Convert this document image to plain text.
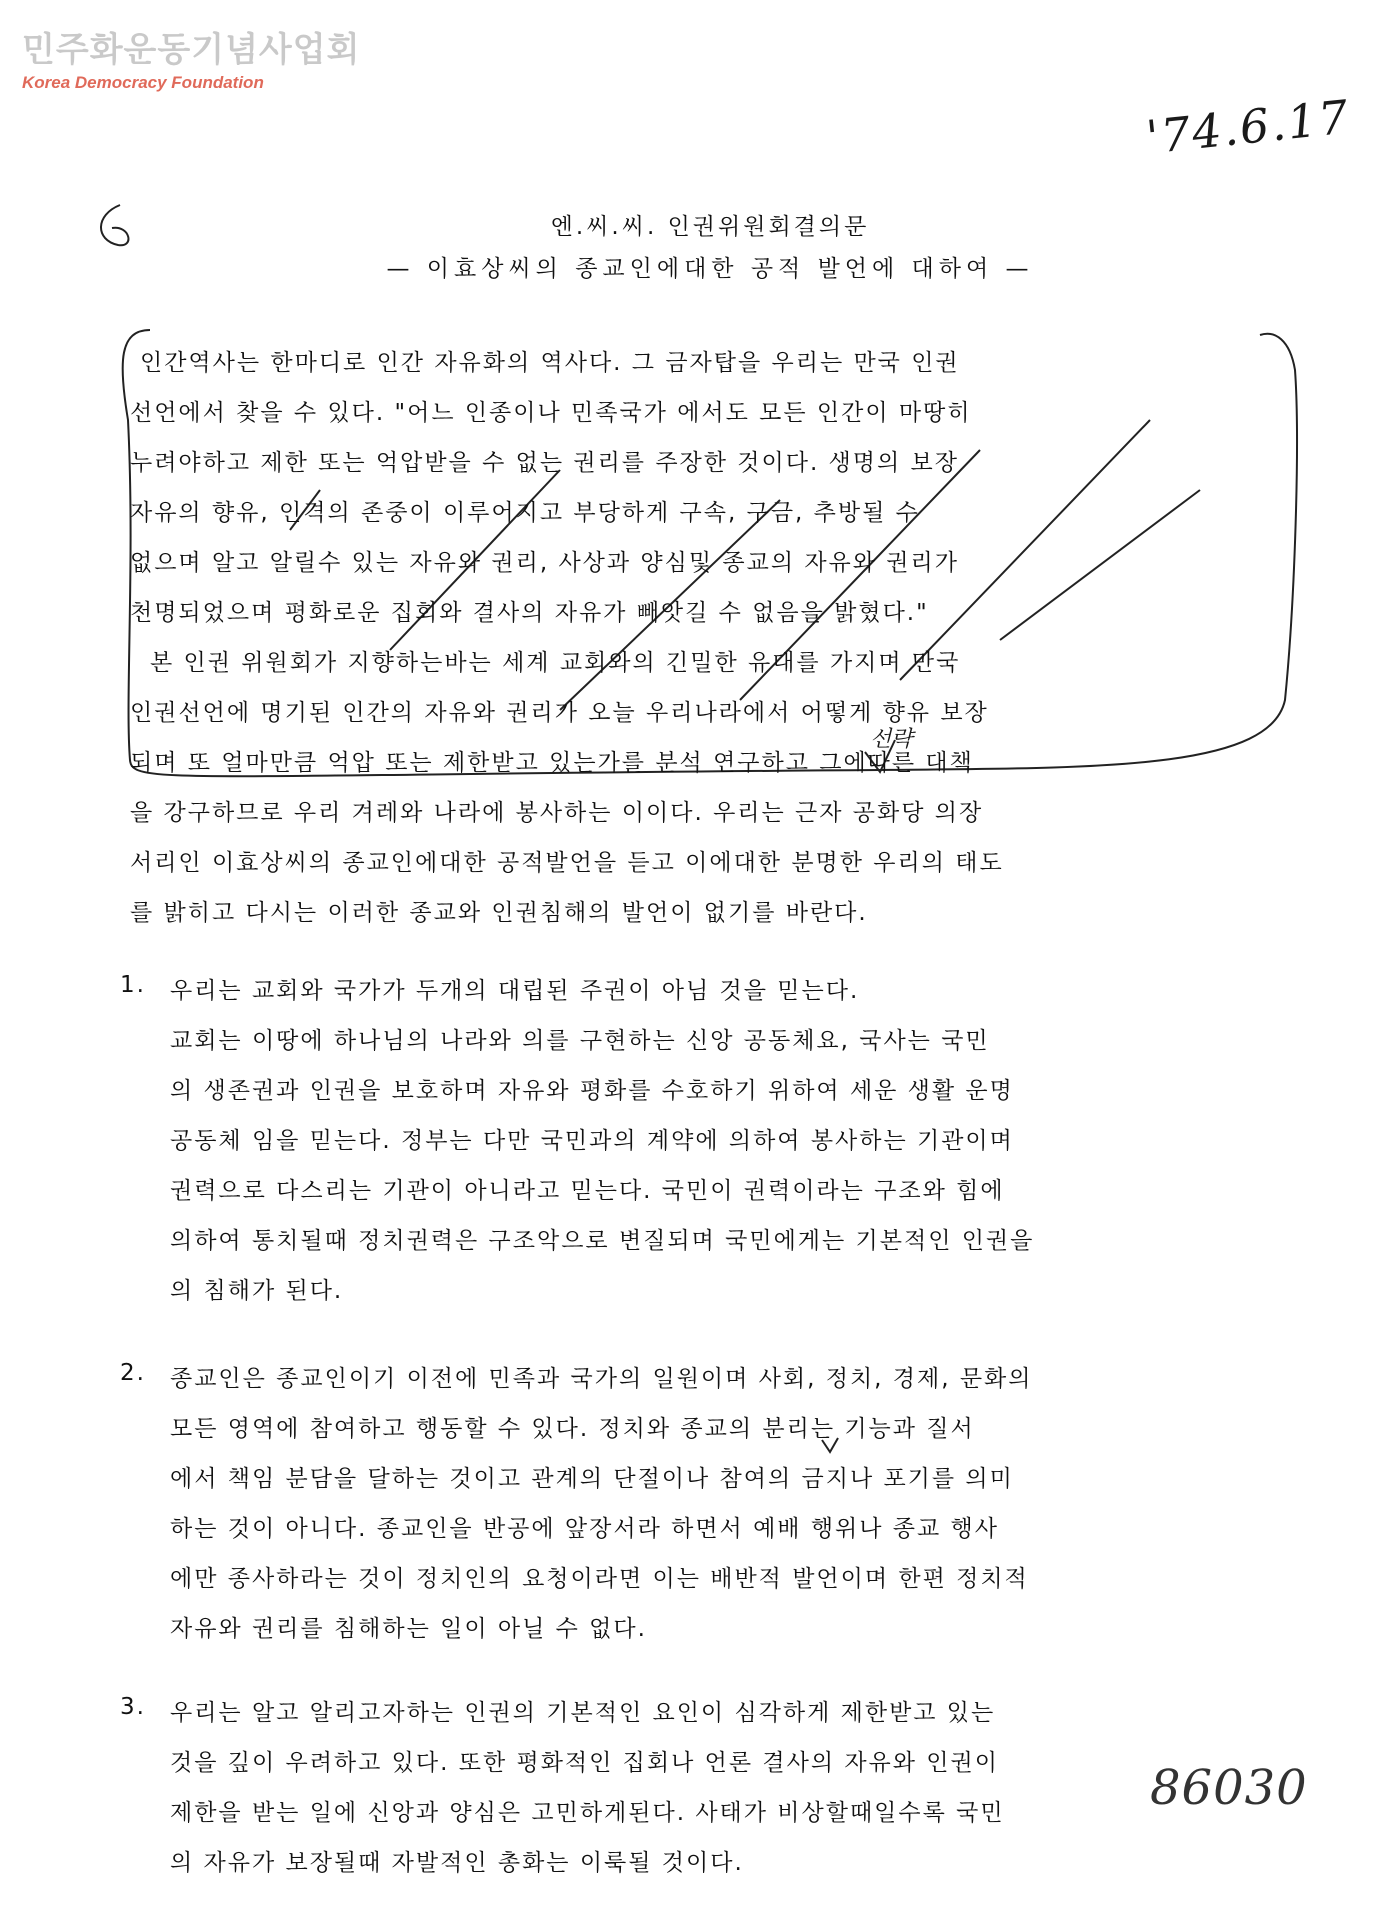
민주화운동기념사업회
Korea Democracy Foundation
'74.6.17
86030
선략
엔.씨.씨. 인권위원회결의문
— 이효상씨의 종교인에대한 공적 발언에 대하여 —
인간역사는 한마디로 인간 자유화의 역사다. 그 금자탑을 우리는 만국 인권
선언에서 찾을 수 있다. "어느 인종이나 민족국가 에서도 모든 인간이 마땅히
누려야하고 제한 또는 억압받을 수 없는 권리를 주장한 것이다. 생명의 보장
자유의 향유, 인격의 존중이 이루어지고 부당하게 구속, 구금, 추방될 수
없으며 알고 알릴수 있는 자유와 권리, 사상과 양심및 종교의 자유와 권리가
천명되었으며 평화로운 집회와 결사의 자유가 빼앗길 수 없음을 밝혔다."
본 인권 위원회가 지향하는바는 세계 교회와의 긴밀한 유대를 가지며 만국
인권선언에 명기된 인간의 자유와 권리가 오늘 우리나라에서 어떻게 향유 보장
되며 또 얼마만큼 억압 또는 제한받고 있는가를 분석 연구하고 그에따른 대책
을 강구하므로 우리 겨레와 나라에 봉사하는 이이다. 우리는 근자 공화당 의장
서리인 이효상씨의 종교인에대한 공적발언을 듣고 이에대한 분명한 우리의 태도
를 밝히고 다시는 이러한 종교와 인권침해의 발언이 없기를 바란다.
1. 우리는 교회와 국가가 두개의 대립된 주권이 아님 것을 믿는다.
교회는 이땅에 하나님의 나라와 의를 구현하는 신앙 공동체요, 국사는 국민
의 생존권과 인권을 보호하며 자유와 평화를 수호하기 위하여 세운 생활 운명
공동체 임을 믿는다. 정부는 다만 국민과의 계약에 의하여 봉사하는 기관이며
권력으로 다스리는 기관이 아니라고 믿는다. 국민이 권력이라는 구조와 힘에
의하여 통치될때 정치권력은 구조악으로 변질되며 국민에게는 기본적인 인권을
의 침해가 된다.
2. 종교인은 종교인이기 이전에 민족과 국가의 일원이며 사회, 정치, 경제, 문화의
모든 영역에 참여하고 행동할 수 있다. 정치와 종교의 분리는 기능과 질서
에서 책임 분담을 달하는 것이고 관계의 단절이나 참여의 금지나 포기를 의미
하는 것이 아니다. 종교인을 반공에 앞장서라 하면서 예배 행위나 종교 행사
에만 종사하라는 것이 정치인의 요청이라면 이는 배반적 발언이며 한편 정치적
자유와 권리를 침해하는 일이 아닐 수 없다.
3. 우리는 알고 알리고자하는 인권의 기본적인 요인이 심각하게 제한받고 있는
것을 깊이 우려하고 있다. 또한 평화적인 집회나 언론 결사의 자유와 인권이
제한을 받는 일에 신앙과 양심은 고민하게된다. 사태가 비상할때일수록 국민
의 자유가 보장될때 자발적인 총화는 이룩될 것이다.
